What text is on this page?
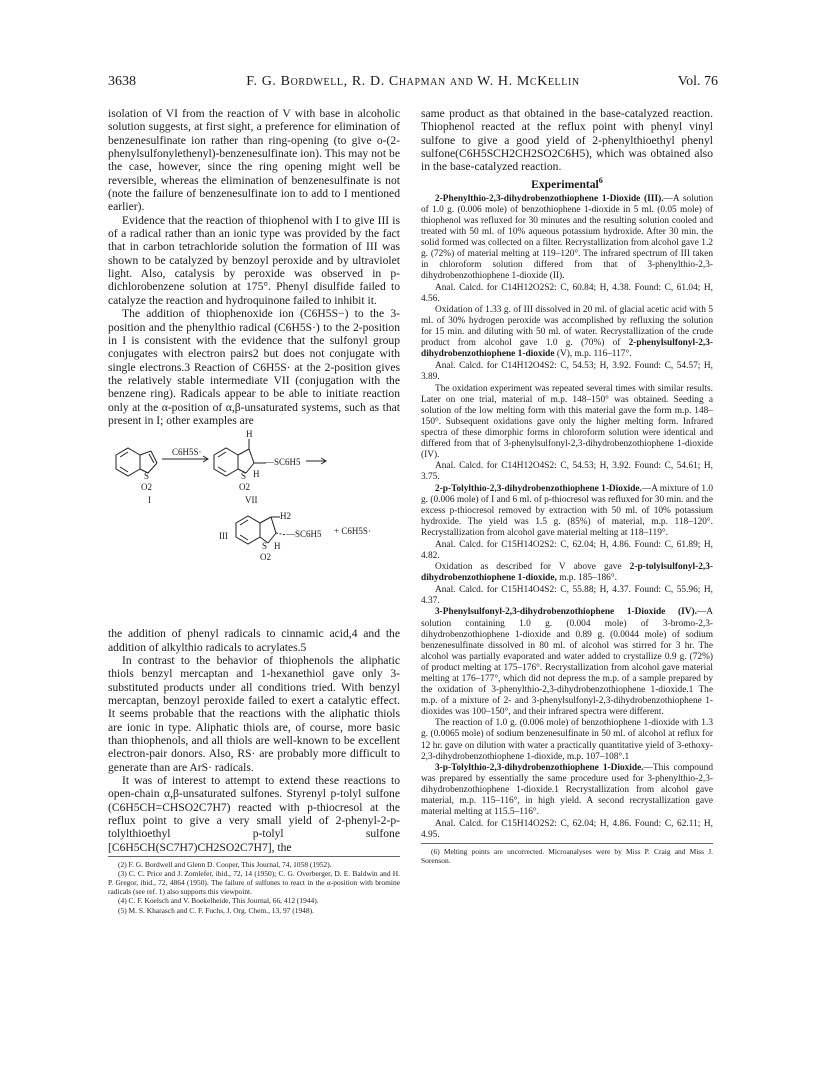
3638	F. G. Bordwell, R. D. Chapman and W. H. McKellin	Vol. 76

isolation of VI from the reaction of V with base in alcoholic solution suggests, at first sight, a preference for elimination of benzenesulfinate ion rather than ring-opening (to give o-(2-phenylsulfonylethenyl)-benzenesulfinate ion). This may not be the case, however, since the ring opening might well be reversible, whereas the elimination of benzenesulfinate is not (note the failure of benzenesulfinate ion to add to I mentioned earlier).

Evidence that the reaction of thiophenol with I to give III is of a radical rather than an ionic type was provided by the fact that in carbon tetrachloride solution the formation of III was shown to be catalyzed by benzoyl peroxide and by ultraviolet light. Also, catalysis by peroxide was observed in p-dichlorobenzene solution at 175°. Phenyl disulfide failed to catalyze the reaction and hydroquinone failed to inhibit it.

The addition of thiophenoxide ion (C6H5S−) to the 3-position and the phenylthio radical (C6H5S·) to the 2-position in I is consistent with the evidence that the sulfonyl group conjugates with electron pairs2 but does not conjugate with single electrons.3 Reaction of C6H5S· at the 2-position gives the relatively stable intermediate VII (conjugation with the benzene ring). Radicals appear to be able to initiate reaction only at the α-position of α,β-unsaturated systems, such as that present in I; other examples are

C6H5S·
S
O2
I
H
—SC6H5
S H
O2
VII
H2
—SC6H5 + C6H5S·
III
S H
O2

the addition of phenyl radicals to cinnamic acid,4 and the addition of alkylthio radicals to acrylates.5

In contrast to the behavior of thiophenols the aliphatic thiols benzyl mercaptan and 1-hexanethiol gave only 3-substituted products under all conditions tried. With benzyl mercaptan, benzoyl peroxide failed to exert a catalytic effect. It seems probable that the reactions with the aliphatic thiols are ionic in type. Aliphatic thiols are, of course, more basic than thiophenols, and all thiols are well-known to be excellent electron-pair donors. Also, RS· are probably more difficult to generate than are ArS· radicals.

It was of interest to attempt to extend these reactions to open-chain α,β-unsaturated sulfones. Styrenyl p-tolyl sulfone (C6H5CH=CHSO2C7H7) reacted with p-thiocresol at the reflux point to give a very small yield of 2-phenyl-2-p-tolylthioethyl p-tolyl sulfone [C6H5CH(SC7H7)CH2SO2C7H7], the

(2) F. G. Bordwell and Glenn D. Cooper, This Journal, 74, 1058 (1952).

(3) C. C. Price and J. Zomlefer, ibid., 72, 14 (1950); C. G. Overberger, D. E. Baldwin and H. P. Gregor, ibid., 72, 4864 (1950). The failure of sulfones to react in the α-position with bromine radicals (see ref. 1) also supports this viewpoint.

(4) C. F. Koelsch and V. Boekelheide, This Journal, 66, 412 (1944).

(5) M. S. Kharasch and C. F. Fuchs, J. Org. Chem., 13, 97 (1948).

same product as that obtained in the base-catalyzed reaction. Thiophenol reacted at the reflux point with phenyl vinyl sulfone to give a good yield of 2-phenylthioethyl phenyl sulfone(C6H5SCH2CH2SO2C6H5), which was obtained also in the base-catalyzed reaction.

Experimental$^6$

2-Phenylthio-2,3-dihydrobenzothiophene 1-Dioxide (III).—A solution of 1.0 g. (0.006 mole) of benzothiophene 1-dioxide in 5 ml. (0.05 mole) of thiophenol was refluxed for 30 minutes and the resulting solution cooled and treated with 50 ml. of 10% aqueous potassium hydroxide. After 30 min. the solid formed was collected on a filter. Recrystallization from alcohol gave 1.2 g. (72%) of material melting at 119–120°. The infrared spectrum of III taken in chloroform solution differed from that of 3-phenylthio-2,3-dihydrobenzothiophene 1-dioxide (II).

Anal. Calcd. for C14H12O2S2: C, 60.84; H, 4.38. Found: C, 61.04; H, 4.56.

Oxidation of 1.33 g. of III dissolved in 20 ml. of glacial acetic acid with 5 ml. of 30% hydrogen peroxide was accomplished by refluxing the solution for 15 min. and diluting with 50 ml. of water. Recrystallization of the crude product from alcohol gave 1.0 g. (70%) of 2-phenylsulfonyl-2,3-dihydrobenzothiophene 1-dioxide (V), m.p. 116–117°.

Anal. Calcd. for C14H12O4S2: C, 54.53; H, 3.92. Found: C, 54.57; H, 3.89.

The oxidation experiment was repeated several times with similar results. Later on one trial, material of m.p. 148–150° was obtained. Seeding a solution of the low melting form with this material gave the form m.p. 148–150°. Subsequent oxidations gave only the higher melting form. Infrared spectra of these dimorphic forms in chloroform solution were identical and differed from that of 3-phenylsulfonyl-2,3-dihydrobenzothiophene 1-dioxide (IV).

Anal. Calcd. for C14H12O4S2: C, 54.53; H, 3.92. Found: C, 54.61; H, 3.75.

2-p-Tolylthio-2,3-dihydrobenzothiophene 1-Dioxide.—A mixture of 1.0 g. (0.006 mole) of I and 6 ml. of p-thiocresol was refluxed for 30 min. and the excess p-thiocresol removed by extraction with 50 ml. of 10% potassium hydroxide. The yield was 1.5 g. (85%) of material, m.p. 118–120°. Recrystallization from alcohol gave material melting at 118–119°.

Anal. Calcd. for C15H14O2S2: C, 62.04; H, 4.86. Found: C, 61.89; H, 4.82.

Oxidation as described for V above gave 2-p-tolylsulfonyl-2,3-dihydrobenzothiophene 1-dioxide, m.p. 185–186°.

Anal. Calcd. for C15H14O4S2: C, 55.88; H, 4.37. Found: C, 55.96; H, 4.37.

3-Phenylsulfonyl-2,3-dihydrobenzothiophene 1-Dioxide (IV).—A solution containing 1.0 g. (0.004 mole) of 3-bromo-2,3-dihydrobenzothiophene 1-dioxide and 0.89 g. (0.0044 mole) of sodium benzenesulfinate dissolved in 80 ml. of alcohol was stirred for 3 hr. The alcohol was partially evaporated and water added to crystallize 0.9 g. (72%) of product melting at 175–176°. Recrystallization from alcohol gave material melting at 176–177°, which did not depress the m.p. of a sample prepared by the oxidation of 3-phenylthio-2,3-dihydrobenzothiophene 1-dioxide.1 The m.p. of a mixture of 2- and 3-phenylsulfonyl-2,3-dihydrobenzothiophene 1-dioxides was 100–150°, and their infrared spectra were different.

The reaction of 1.0 g. (0.006 mole) of benzothiophene 1-dioxide with 1.3 g. (0.0065 mole) of sodium benzenesulfinate in 50 ml. of alcohol at reflux for 12 hr. gave on dilution with water a practically quantitative yield of 3-ethoxy-2,3-dihydrobenzothiophene 1-dioxide, m.p. 107–108°.1

3-p-Tolylthio-2,3-dihydrobenzothiophene 1-Dioxide.—This compound was prepared by essentially the same procedure used for 3-phenylthio-2,3-dihydrobenzothiophene 1-dioxide.1 Recrystallization from alcohol gave material, m.p. 115–116°, in high yield. A second recrystallization gave material melting at 115.5–116°.

Anal. Calcd. for C15H14O2S2: C, 62.04; H, 4.86. Found: C, 62.11; H, 4.95.

(6) Melting points are uncorrected. Microanalyses were by Miss P. Craig and Miss J. Sorenson.
